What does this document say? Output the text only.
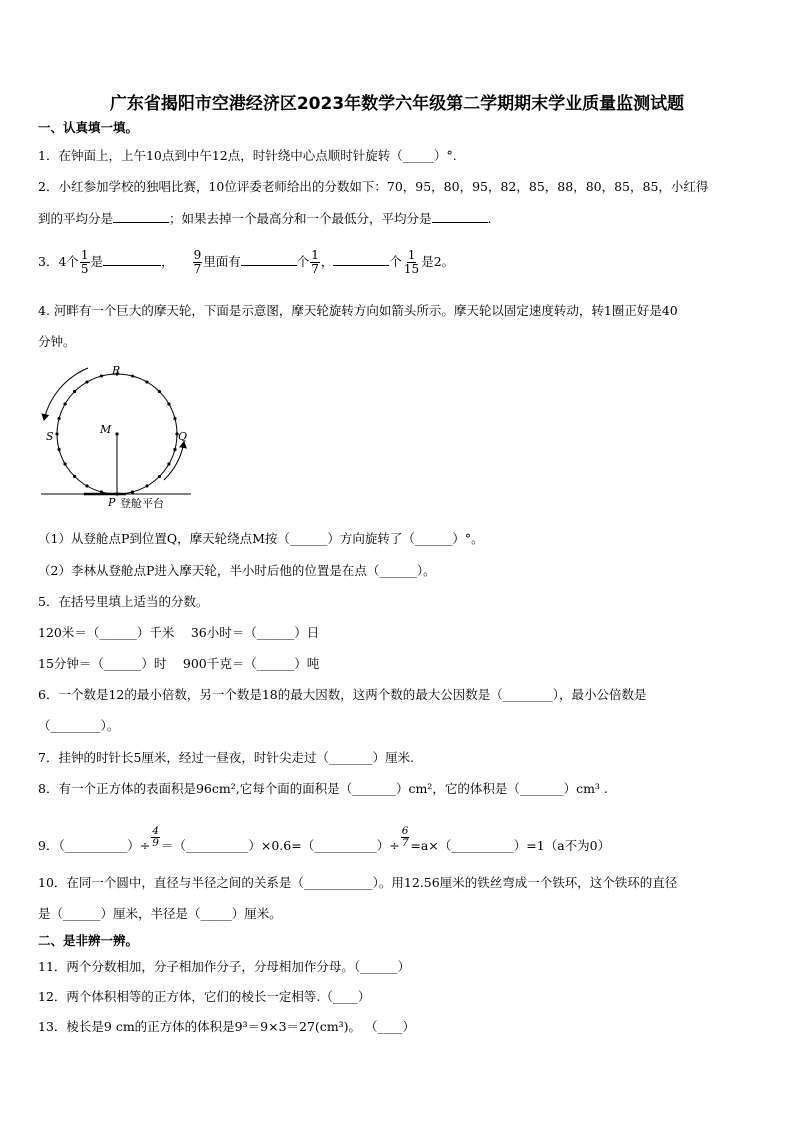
广东省揭阳市空港经济区2023年数学六年级第二学期期末学业质量监测试题
一、认真填一填。
1．在钟面上，上午10点到中午12点，时针绕中心点顺时针旋转（_____）°.
2．小红参加学校的独唱比赛，10位评委老师给出的分数如下：70，95，80，95，82，85，88，80，85，85，小红得
到的平均分是	；如果去掉一个最高分和一个最低分，平均分是	.
3．4个 $\frac{1}{5}$ 是	， $\frac{9}{7}$ 里面有	个 $\frac{1}{7}$ ，	个 $\frac{1}{15}$ 是2。
4. 河畔有一个巨大的摩天轮，下面是示意图，摩天轮旋转方向如箭头所示。摩天轮以固定速度转动，转1圈正好是40
分钟。
R
S	Q
M
P 登舱平台
（1）从登舱点P到位置Q，摩天轮绕点M按（______）方向旋转了（______）°。
（2）李林从登舱点P进入摩天轮，半小时后他的位置是在点（______）。
5．在括号里填上适当的分数。
120米＝（______）千米　 36小时＝（______）日
15分钟＝（______）时　 900千克＝（______）吨
6．一个数是12的最小倍数，另一个数是18的最大因数，这两个数的最大公因数是（________），最小公倍数是
（________）。
7．挂钟的时针长5厘米，经过一昼夜，时针尖走过（_______）厘米.
8．有一个正方体的表面积是96cm²,它每个面的面积是（_______）cm²，它的体积是（_______）cm³ .
9．（__________）÷ $\frac{4}{9}$ ＝（__________）×0.6=（__________）÷ $\frac{6}{7}$ =a×（__________）=1（a不为0）
10．在同一个圆中，直径与半径之间的关系是（___________）。用12.56厘米的铁丝弯成一个铁环，这个铁环的直径
是（______）厘米，半径是（_____）厘米。
二、是非辨一辨。
11．两个分数相加，分子相加作分子，分母相加作分母。（______）
12．两个体积相等的正方体，它们的棱长一定相等.（____）
13．棱长是9 cm的正方体的体积是9³＝9×3＝27(cm³)。 （____）
